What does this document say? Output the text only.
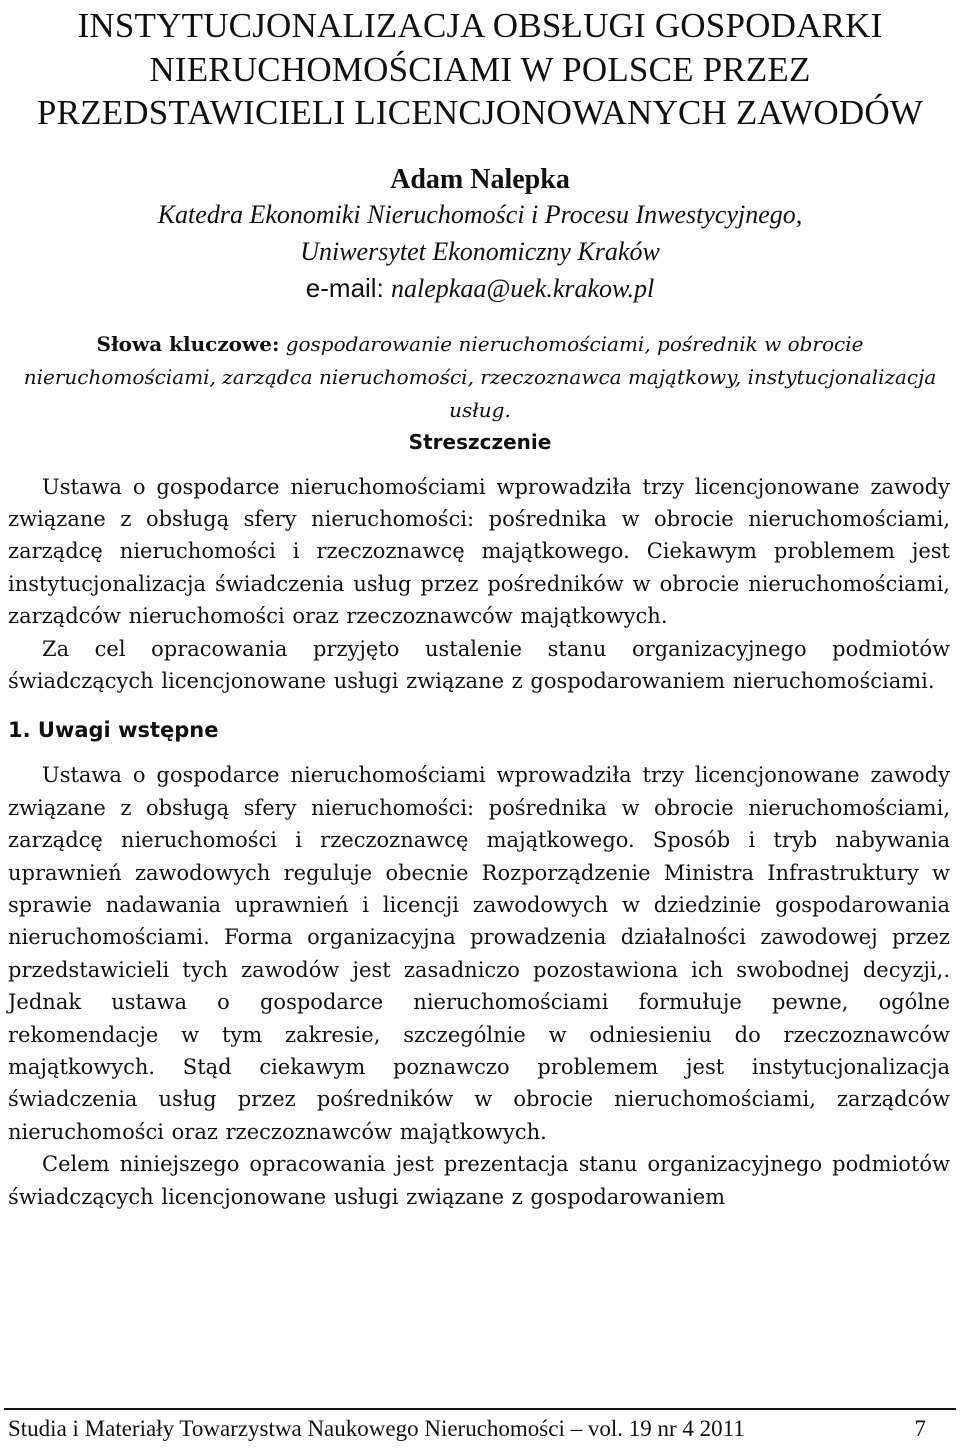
INSTYTUCJONALIZACJA OBSŁUGI GOSPODARKI NIERUCHOMOŚCIAMI W POLSCE PRZEZ PRZEDSTAWICIELI LICENCJONOWANYCH ZAWODÓW
Adam Nalepka
Katedra Ekonomiki Nieruchomości i Procesu Inwestycyjnego,
Uniwersytet Ekonomiczny Kraków
e-mail: nalepkaa@uek.krakow.pl
Słowa kluczowe: gospodarowanie nieruchomościami, pośrednik w obrocie nieruchomościami, zarządca nieruchomości, rzeczoznawca majątkowy, instytucjonalizacja usług.
Streszczenie

Ustawa o gospodarce nieruchomościami wprowadziła trzy licencjonowane zawody związane z obsługą sfery nieruchomości: pośrednika w obrocie nieruchomościami, zarządcę nieruchomości i rzeczoznawcę majątkowego. Ciekawym problemem jest instytucjonalizacja świadczenia usług przez pośredników w obrocie nieruchomościami, zarządców nieruchomości oraz rzeczoznawców majątkowych.

Za cel opracowania przyjęto ustalenie stanu organizacyjnego podmiotów świadczących licencjonowane usługi związane z gospodarowaniem nieruchomościami.

1. Uwagi wstępne

Ustawa o gospodarce nieruchomościami wprowadziła trzy licencjonowane zawody związane z obsługą sfery nieruchomości: pośrednika w obrocie nieruchomościami, zarządcę nieruchomości i rzeczoznawcę majątkowego. Sposób i tryb nabywania uprawnień zawodowych reguluje obecnie Rozporządzenie Ministra Infrastruktury w sprawie nadawania uprawnień i licencji zawodowych w dziedzinie gospodarowania nieruchomościami. Forma organizacyjna prowadzenia działalności zawodowej przez przedstawicieli tych zawodów jest zasadniczo pozostawiona ich swobodnej decyzji,. Jednak ustawa o gospodarce nieruchomościami formułuje pewne, ogólne rekomendacje w tym zakresie, szczególnie w odniesieniu do rzeczoznawców majątkowych. Stąd ciekawym poznawczo problemem jest instytucjonalizacja świadczenia usług przez pośredników w obrocie nieruchomościami, zarządców nieruchomości oraz rzeczoznawców majątkowych.

Celem niniejszego opracowania jest prezentacja stanu organizacyjnego podmiotów świadczących licencjonowane usługi związane z gospodarowaniem

Studia i Materiały Towarzystwa Naukowego Nieruchomości – vol. 19 nr 4 2011	7
